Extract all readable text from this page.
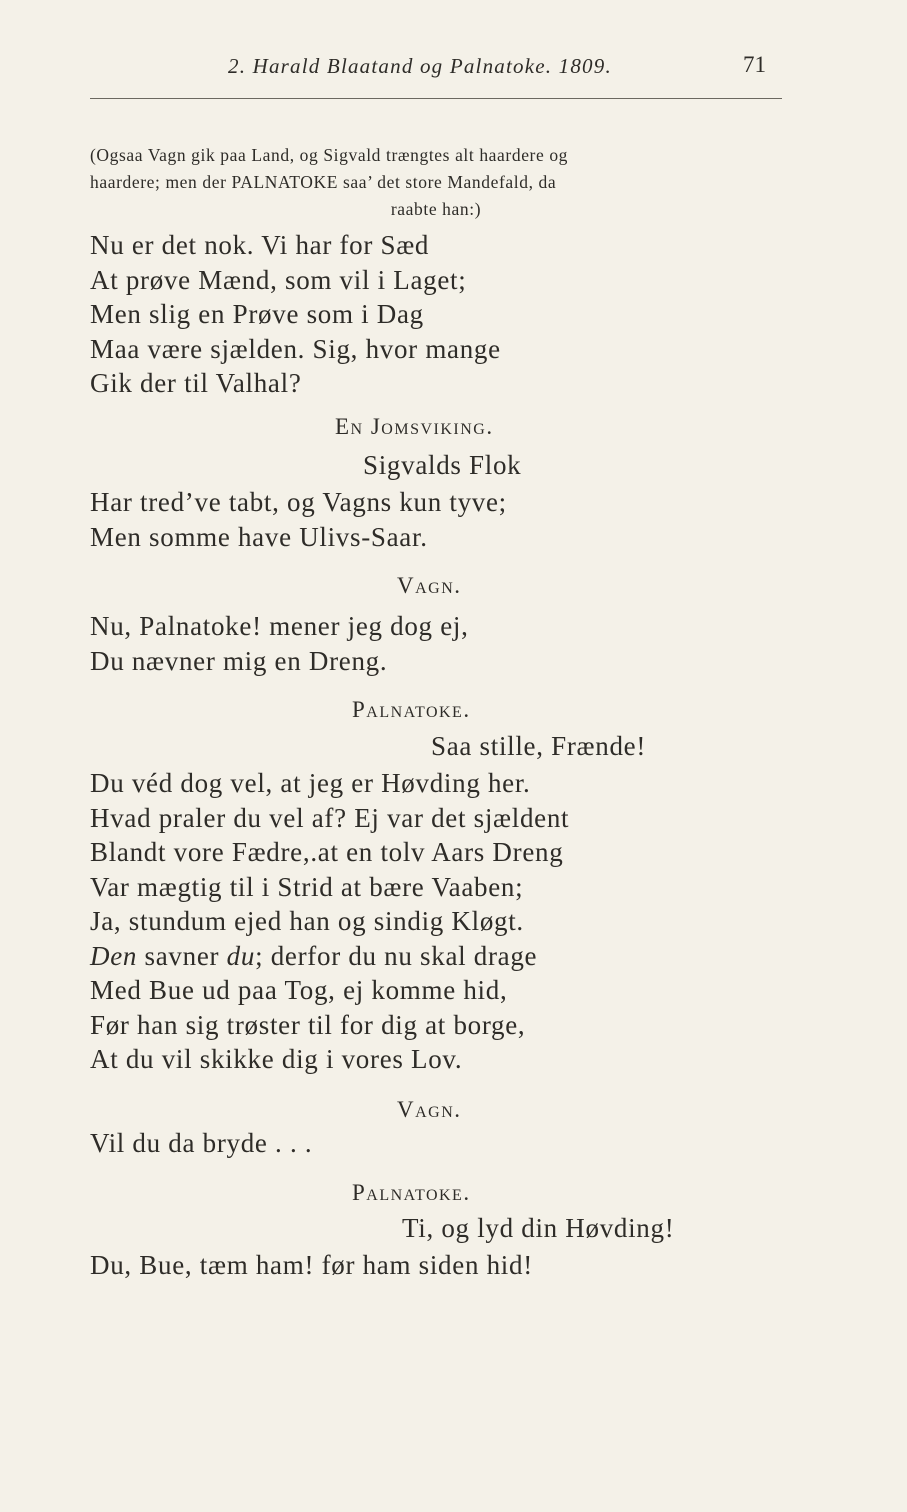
2. Harald Blaatand og Palnatoke. 1809.	71
(Ogsaa Vagn gik paa Land, og Sigvald trængtes alt haardere og
haardere; men der PALNATOKE saa’ det store Mandefald, da
raabte han:)
Nu er det nok. Vi har for Sæd
At prøve Mænd, som vil i Laget;
Men slig en Prøve som i Dag
Maa være sjælden. Sig, hvor mange
Gik der til Valhal?
En Jomsviking.
Sigvalds Flok
Har tred’ve tabt, og Vagns kun tyve;
Men somme have Ulivs-Saar.
Vagn.
Nu, Palnatoke! mener jeg dog ej,
Du nævner mig en Dreng.
Palnatoke.
Saa stille, Frænde!
Du véd dog vel, at jeg er Høvding her.
Hvad praler du vel af? Ej var det sjældent
Blandt vore Fædre,.at en tolv Aars Dreng
Var mægtig til i Strid at bære Vaaben;
Ja, stundum ejed han og sindig Kløgt.
Den savner du; derfor du nu skal drage
Med Bue ud paa Tog, ej komme hid,
Før han sig trøster til for dig at borge,
At du vil skikke dig i vores Lov.
Vagn.
Vil du da bryde . . .
Palnatoke.
Ti, og lyd din Høvding!
Du, Bue, tæm ham! før ham siden hid!
